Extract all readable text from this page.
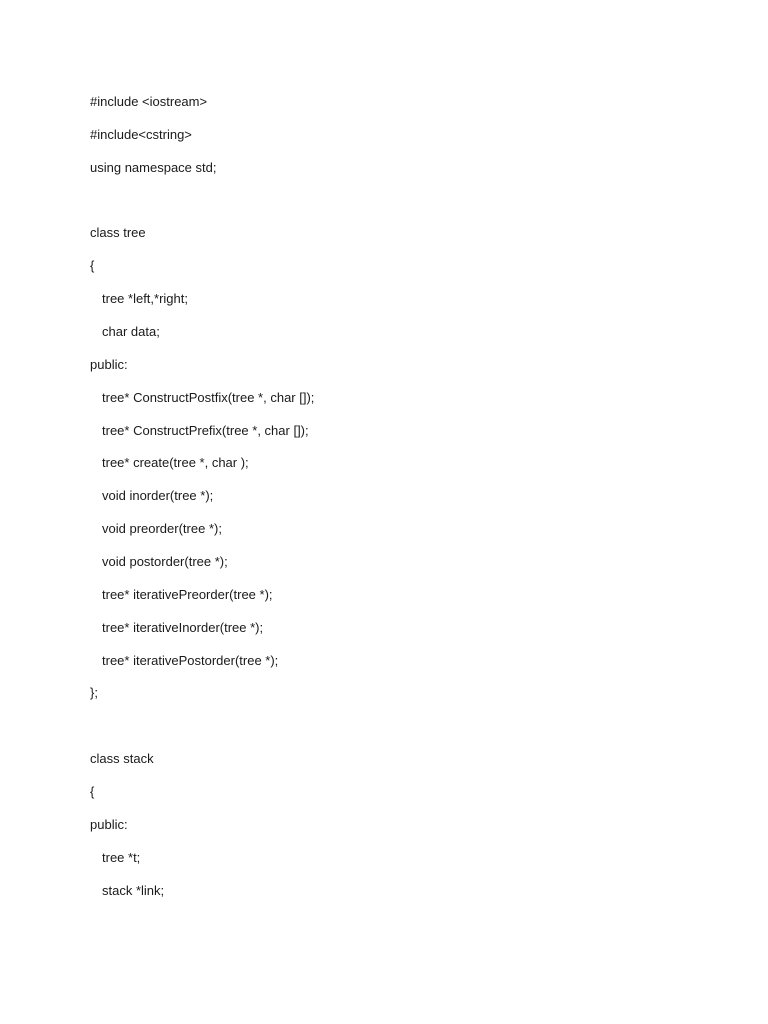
#include <iostream>
#include<cstring>
using namespace std;
class tree
{
tree *left,*right;
char data;
public:
tree* ConstructPostfix(tree *, char []);
tree* ConstructPrefix(tree *, char []);
tree* create(tree *, char );
void inorder(tree *);
void preorder(tree *);
void postorder(tree *);
tree* iterativePreorder(tree *);
tree* iterativeInorder(tree *);
tree* iterativePostorder(tree *);
};
class stack
{
public:
tree *t;
stack *link;
